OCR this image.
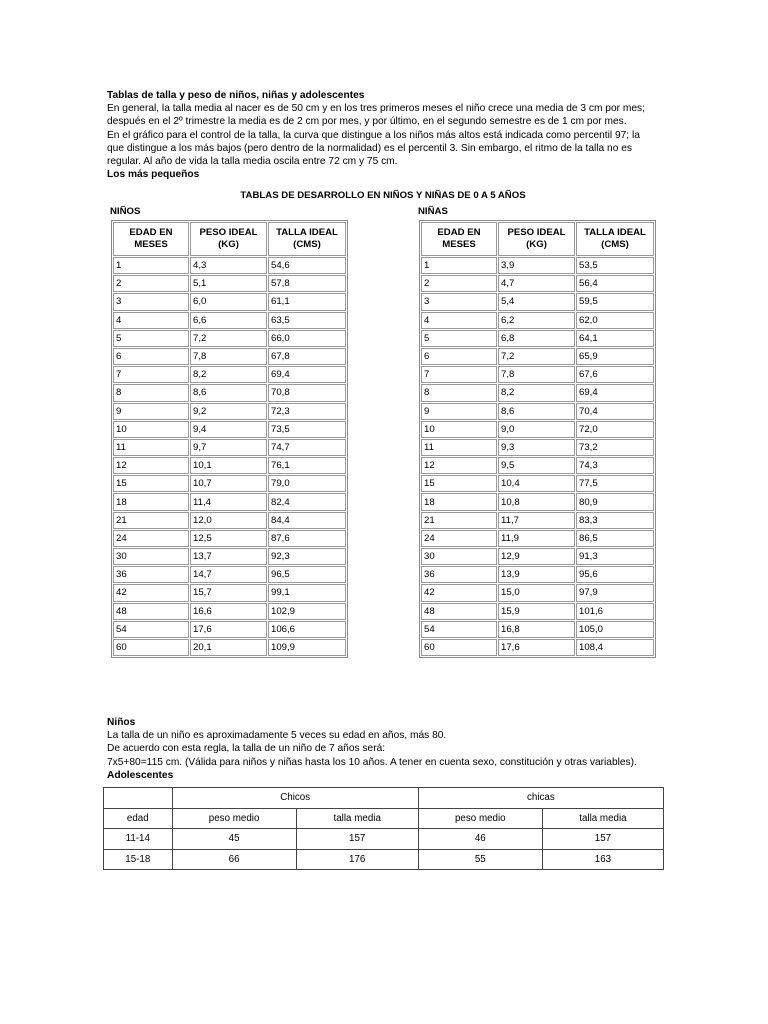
Tablas de talla y peso de niños, niñas y adolescentes

En general, la talla media al nacer es de 50 cm y en los tres primeros meses el niño crece una media de 3 cm por mes;

después en el 2º trimestre la media es de 2 cm por mes, y por último, en el segundo semestre es de 1 cm por mes.

En el gráfico para el control de la talla, la curva que distingue a los niños más altos está indicada como percentil 97; la

que distingue a los más bajos (pero dentro de la normalidad) es el percentil 3. Sin embargo, el ritmo de la talla no es

regular. Al año de vida la talla media oscila entre 72 cm y 75 cm.

Los más pequeños

TABLAS DE DESARROLLO EN NIÑOS Y NIÑAS DE 0 A 5 AÑOS
NIÑOS	NIÑAS
EDAD EN MESES	PESO IDEAL (KG)	TALLA IDEAL (CMS)
1	4,3	54,6
2	5,1	57,8
3	6,0	61,1
4	6,6	63,5
5	7,2	66,0
6	7,8	67,8
7	8,2	69,4
8	8,6	70,8
9	9,2	72,3
10	9,4	73,5
11	9,7	74,7
12	10,1	76,1
15	10,7	79,0
18	11,4	82,4
21	12,0	84,4
24	12,5	87,6
30	13,7	92,3
36	14,7	96,5
42	15,7	99,1
48	16,6	102,9
54	17,6	106,6
60	20,1	109,9
EDAD EN MESES	PESO IDEAL (KG)	TALLA IDEAL (CMS)
1	3,9	53,5
2	4,7	56,4
3	5,4	59,5
4	6,2	62,0
5	6,8	64,1
6	7,2	65,9
7	7,8	67,6
8	8,2	69,4
9	8,6	70,4
10	9,0	72,0
11	9,3	73,2
12	9,5	74,3
15	10,4	77,5
18	10,8	80,9
21	11,7	83,3
24	11,9	86,5
30	12,9	91,3
36	13,9	95,6
42	15,0	97,9
48	15,9	101,6
54	16,8	105,0
60	17,6	108,4

Niños

La talla de un niño es aproximadamente 5 veces su edad en años, más 80.

De acuerdo con esta regla, la talla de un niño de 7 años será:

7x5+80=115 cm. (Válida para niños y niñas hasta los 10 años. A tener en cuenta sexo, constitución y otras variables).

Adolescentes

	Chicos		chicas	
edad	peso medio	talla media	peso medio	talla media
11-14	45	157	46	157
15-18	66	176	55	163
